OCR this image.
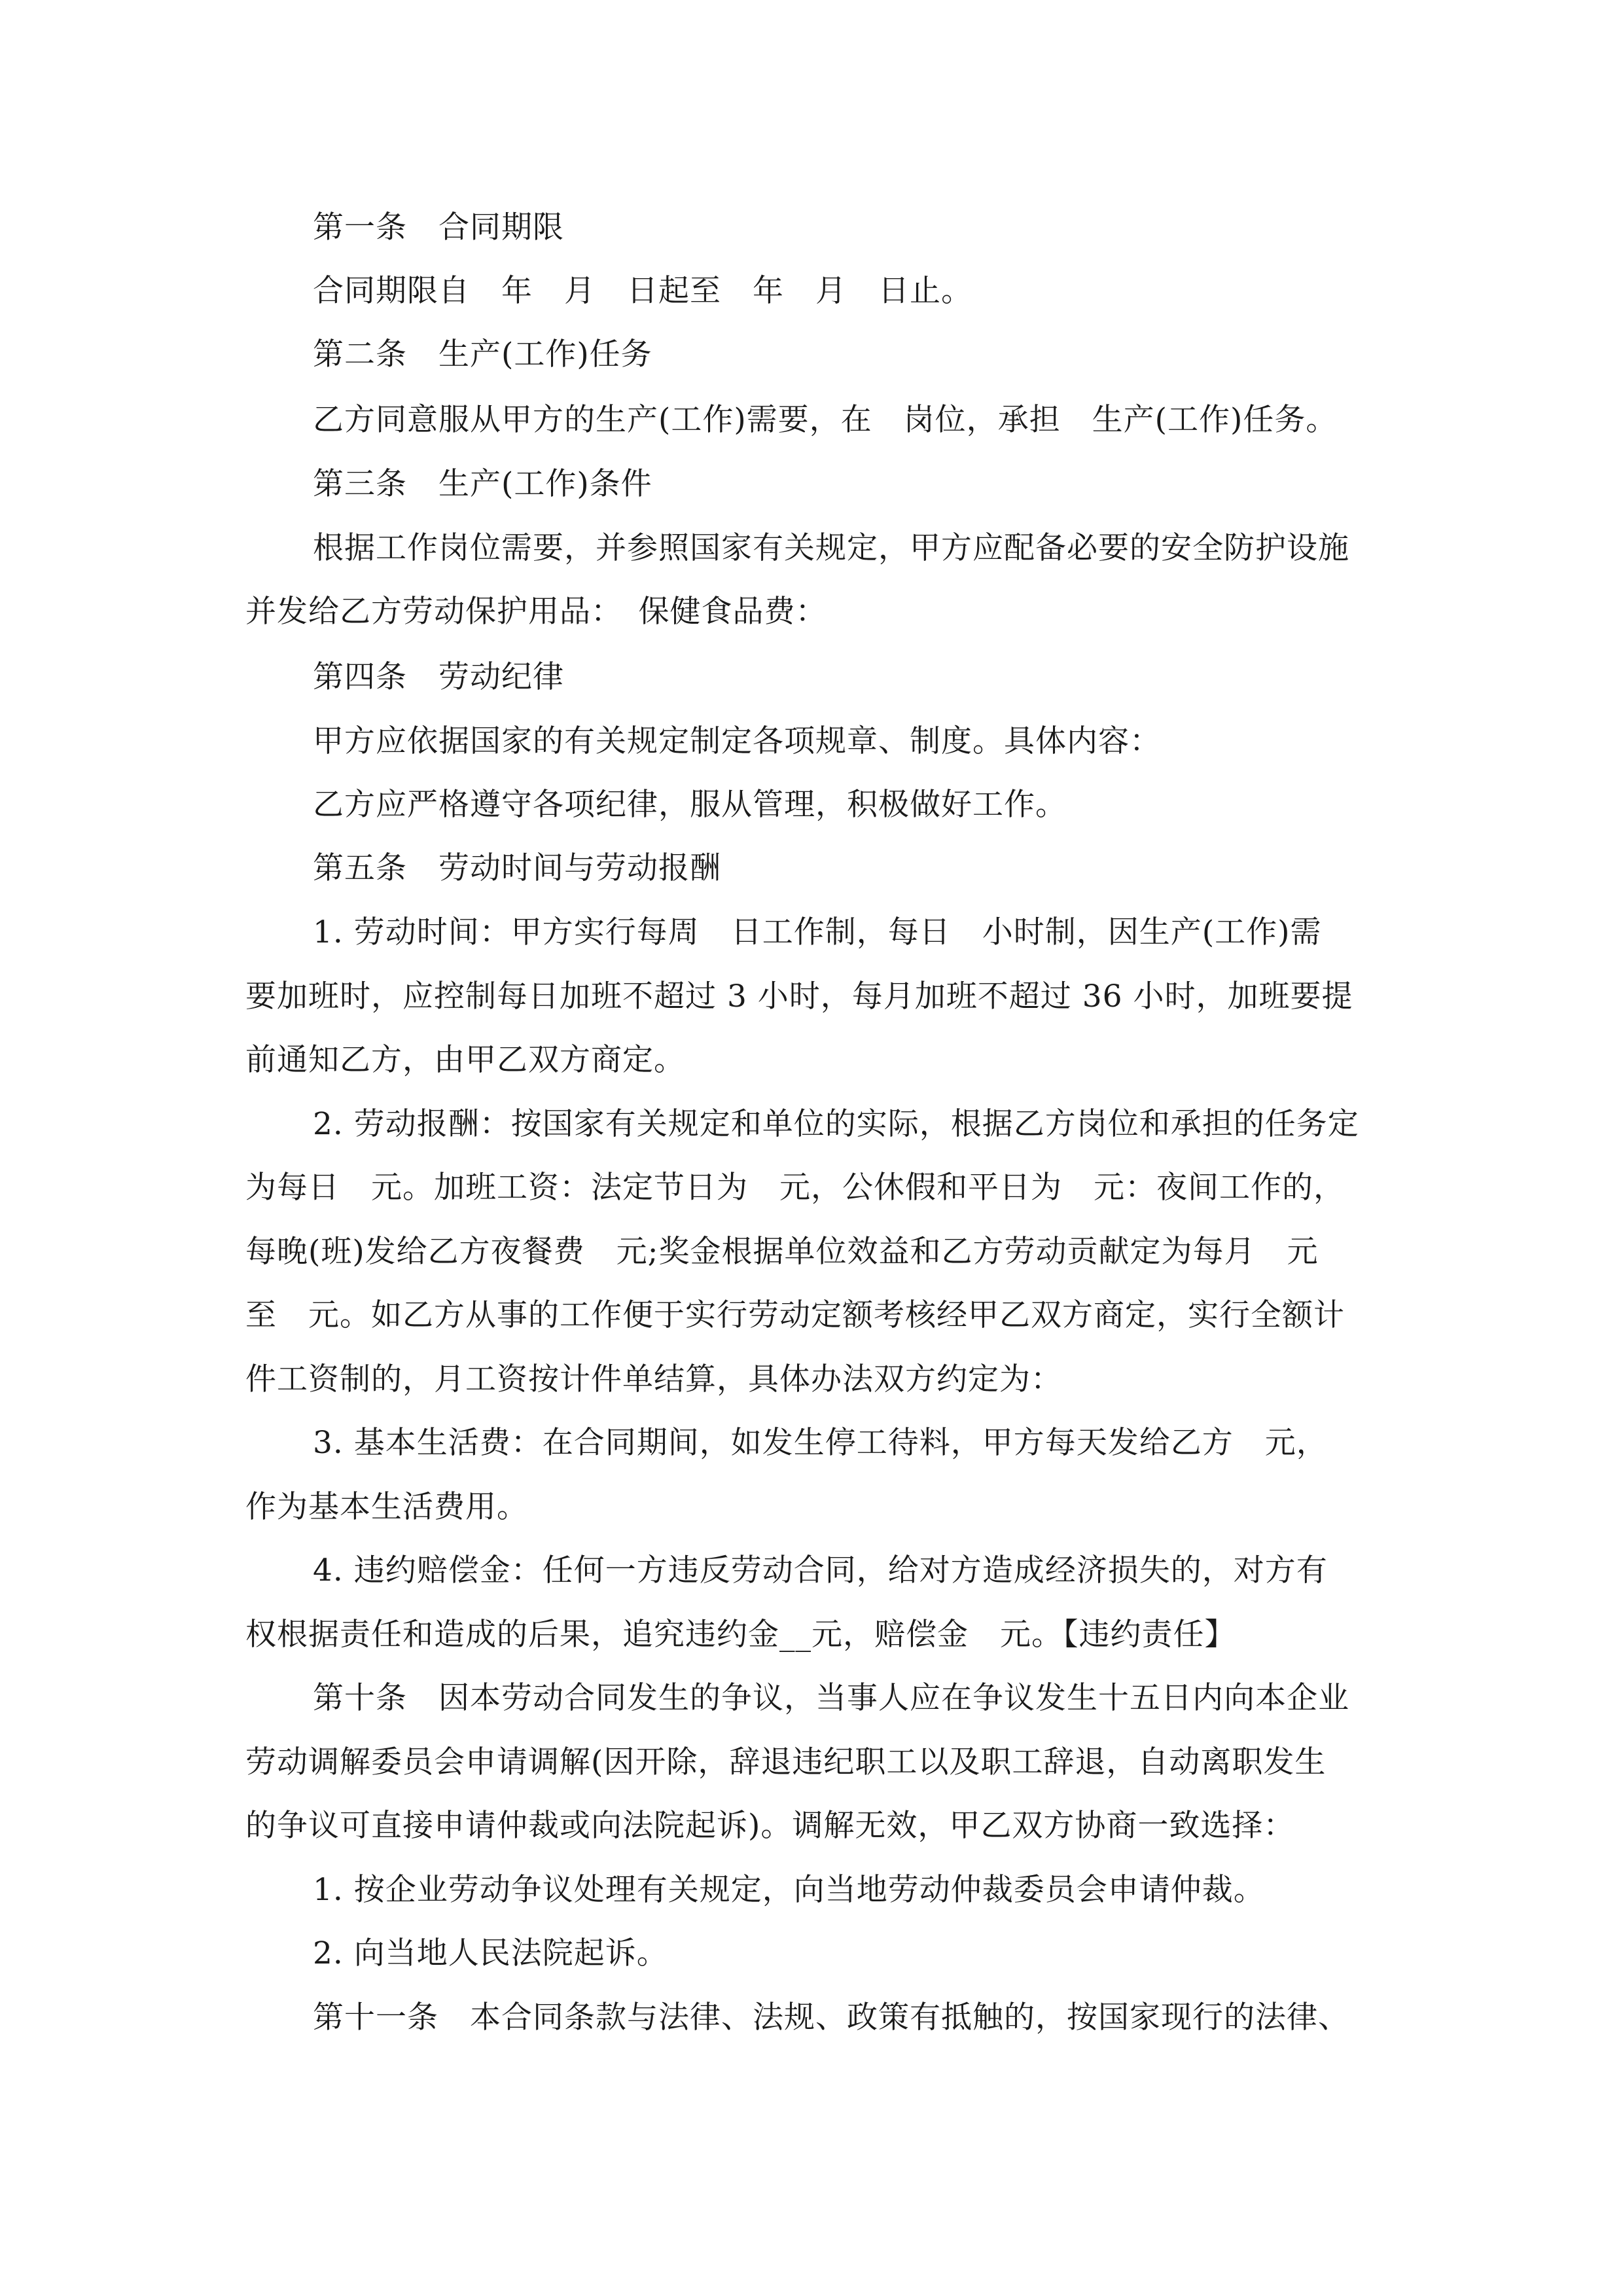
第一条　合同期限

合同期限自　年　月　日起至　年　月　日止。

第二条　生产(工作)任务

乙方同意服从甲方的生产(工作)需要，在　岗位，承担　生产(工作)任务。

第三条　生产(工作)条件

根据工作岗位需要，并参照国家有关规定，甲方应配备必要的安全防护设施

并发给乙方劳动保护用品：　保健食品费：

第四条　劳动纪律

甲方应依据国家的有关规定制定各项规章、制度。具体内容：

乙方应严格遵守各项纪律，服从管理，积极做好工作。

第五条　劳动时间与劳动报酬

1. 劳动时间：甲方实行每周　日工作制，每日　小时制，因生产(工作)需

要加班时，应控制每日加班不超过 3 小时，每月加班不超过 36 小时，加班要提

前通知乙方，由甲乙双方商定。

2. 劳动报酬：按国家有关规定和单位的实际，根据乙方岗位和承担的任务定

为每日　元。加班工资：法定节日为　元，公休假和平日为　元：夜间工作的，

每晚(班)发给乙方夜餐费　元;奖金根据单位效益和乙方劳动贡献定为每月　元

至　元。如乙方从事的工作便于实行劳动定额考核经甲乙双方商定，实行全额计

件工资制的，月工资按计件单结算，具体办法双方约定为：

3. 基本生活费：在合同期间，如发生停工待料，甲方每天发给乙方　元，

作为基本生活费用。

4. 违约赔偿金：任何一方违反劳动合同，给对方造成经济损失的，对方有

权根据责任和造成的后果，追究违约金__元，赔偿金　元。【违约责任】

第十条　因本劳动合同发生的争议，当事人应在争议发生十五日内向本企业

劳动调解委员会申请调解(因开除，辞退违纪职工以及职工辞退，自动离职发生

的争议可直接申请仲裁或向法院起诉)。调解无效，甲乙双方协商一致选择：

1. 按企业劳动争议处理有关规定，向当地劳动仲裁委员会申请仲裁。

2. 向当地人民法院起诉。

第十一条　本合同条款与法律、法规、政策有抵触的，按国家现行的法律、
